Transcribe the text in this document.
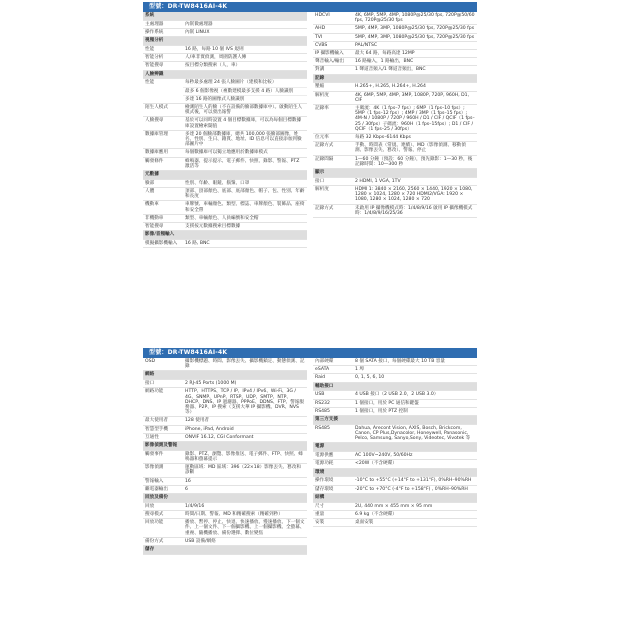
型號：DR-TW8416AI-4K
系統
主處理器	內嵌微處理器
操作系統	內嵌 LINUX
視頻分析
性能	16 路，每路 10 個 IVS 規則
智能分析	人/車非實偵測，周圍防護人傳
智能搜尋	按目標分類搜索（人，車）
人臉辨識
性能	每秒最多處理 24 張人臉圖片（建模和比較）
最多 6 個影像視（複數建模最多支援 4 路）人臉識別
多達 16 路的圖像式人臉識別
陌生人模式	檢測陌生人的臉（不在設備的臉部數據庫中）。啟動陌生人模式後，可以發出報警
人臉搜尋	基於可以同時設置 4 個目標數據庫，可以為每個目標數據庫設置檢索閾值
數據庫管理	多達 20 個臉部數據庫，總共 100,000 張臉部圖像，姓名、性別、生日、籍貫、地址、ID 信息可以直接添加到臉部圖片中
數據庫應用	每個數據庫可以獨立地應用於數據庫模式
觸發條件	蜂鳴器、提示提示、電子郵件、快照、錄影、警報、PTZ 激活等
元數據
臉部	性別、年齡、眼鏡、鬍鬚、口罩
人體	頂部、頂部顏色、底部、底部顏色、帽子、包、性別、年齡和長度
機動車	車牌號、車輛顏色、類型、標誌、車牌顏色、裝飾品、座椅和安全帶
非機動車	類型、車輛顏色、人員編號和安全帽
智能搜尋	支援按元數據搜索目標數據
影像/音頻輸入
模擬攝影機輸入	16 路, BNC
HDCVI	4K, 6MP, 5MP, 4MP, 1080P@25/30 fps, 720P@50/60 fps, 720P@25/30 fps
AHD	5MP, 4MP, 3MP, 1080P@25/30 fps, 720P@25/30 fps
TVI	5MP, 4MP, 3MP, 1080P@25/30 fps, 720P@25/30 fps
CVBS	PAL/NTSC
IP 攝影機輸入	最大 64 路，每路高達 12MP
聲音輸入/輸出	16 路輸入，1 路輸出，BNC
對講	1 聲道音頻入/1 聲道音頻出，BNC
記錄
壓縮	H.265+, H.265, H.264+, H.264
解析度	4K, 6MP, 5MP, 4MP, 3MP, 1080P, 720P, 960H, D1, CIF
記錄率	主碼流：4K（1 fps–7 fps）; 6MP（1 fps–10 fps）; 5MP（1 fps–12 fps）; 4MP / 3MP（1 fps–15 fps）; 4M-N / 1080P / 720P / 960H / D1 / CIF / QCIF（1 fps–25 / 30fps）子碼流：960H（1 fps–15fps）; D1 / CIF / QCIF（1 fps–25 / 30fps）
位元率	每路 32 Kbps–6144 Kbps
記錄方式	手動、時間表（常規、連續）、MD（影像偵測、移動偵測、影像丟失、篡改）、警報、停止
記錄間隔	1—60 分鐘（預設：60 分鐘），預先錄影：1—30 秒，後記錄時間：10—300 秒
顯示
接口	2 HDMI, 1 VGA, 1TV
解析度	HDMI 1: 3840 × 2160, 2560 × 1440, 1920 × 1080, 1280 × 1024, 1280 × 720 HDMI2/VGA: 1920 × 1080, 1280 × 1024, 1280 × 720
記錄方式	未啟用 IP 攝像機模式時：1/4/8/9/16 啟用 IP 攝像機模式時：1/4/8/9/16/25/36
型號：DR-TW8416AI-4K
OSD	攝影機標題、時間、影像丟失、攝影機鎖定、動態偵測、記錄
網絡
接口	2 RJ-45 Ports (1000 M)
網路功能	HTTP、HTTPS、TCP / IP、IPv4 / IPv6、Wi-Fi、3G / 4G、SNMP、UPnP、RTSP、UDP、SMTP、NTP、DHCP、DNS、IP 過濾器、PPPoE、DDNS、FTP、警報服務器、P2P、IP 搜索（支援大華 IP 攝影機、DVR、NVS 等）
最大使用者	128 使用者
智慧型手機	iPhone, iPad, Android
互通性	ONVIF 16.12, CGI Conformant
影像偵測及警報
觸發事件	錄影、PTZ、瀏覽、影像推送、電子郵件、FTP、快照、蜂鳴器和螢幕提示
影像偵測	運動區域：MD 區域：396（22×18）影像丟失、篡改和診斷
警報輸入	16
繼電器輸出	6
回放及備份
回放	1/4/9/16
搜尋模式	時間/日期、警報、MD 和精確搜索（精確到秒）
回放功能	播放、暫停、停止、快退、快速播放、慢速播放、下一個文件、上一個文件、下一個攝影機、上一個攝影機、全螢幕、重複、隨機播放、備份選擇、數位變焦
備份方式	USB 設備/網絡
儲存
內部硬碟	8 個 SATA 接口，每個硬碟最大 10 TB 容量
eSATA	1 埠
Raid	0, 1, 5, 6, 10
輔助接口
USB	4 USB 接口（2 USB 2.0，2 USB 3.0）
RS232	1 個接口，用於 PC 通信和鍵盤
RS485	1 個接口，用於 PTZ 控制
第三方支援
RS485	Dahua, Arecont Vision, AXIS, Bosch, Brickcom, Canon, CP Plus,Dynacolor, Honeywell, Panasonic, Pelco, Samsung, Sanyo,Sony, Videotec, Vivotek 等
電源
電源供應	AC 100V~240V, 50/60Hz
電源功耗	<20W（不含硬碟）
環境
操作環境	-10°C to +55°C (+14°F to +131°F), 0%RH–90%RH
儲存環境	-20°C to +70°C (-4°F to +158°F) , 0%RH–90%RH
結構
尺寸	2U, 440 mm × 455 mm × 95 mm
重量	6.9 kg（不含硬碟）
安裝	桌面安裝
